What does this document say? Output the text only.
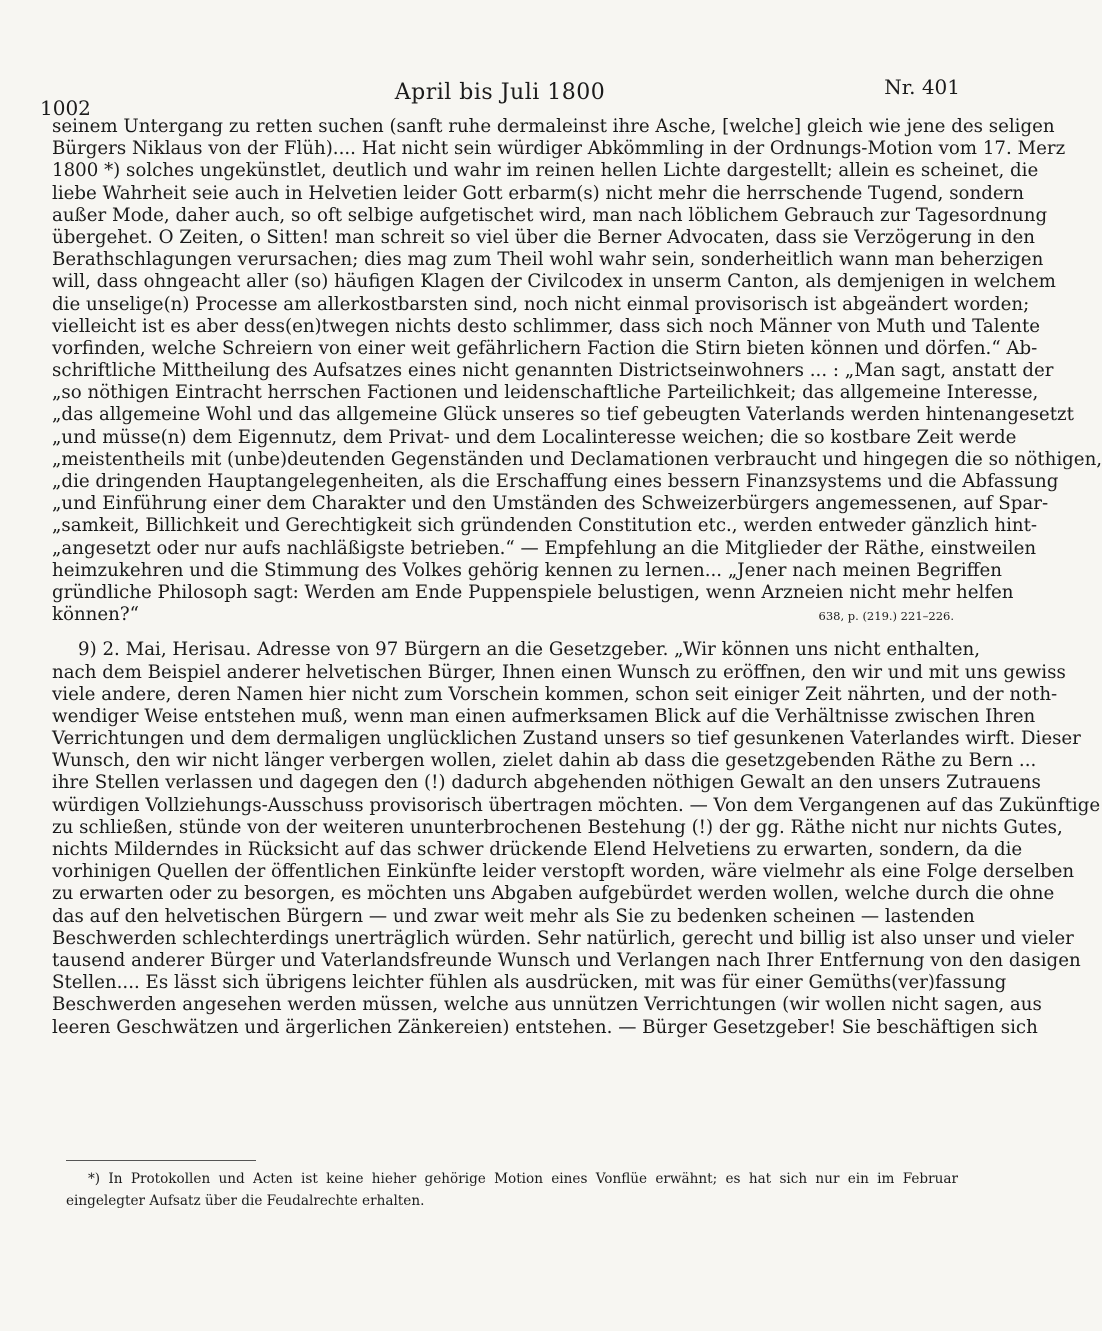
1002
April bis Juli 1800	Nr. 401
seinem Untergang zu retten suchen (sanft ruhe dermaleinst ihre Asche, [welche] gleich wie jene des seligen
Bürgers Niklaus von der Flüh).... Hat nicht sein würdiger Abkömmling in der Ordnungs-Motion vom 17. Merz
1800 *) solches ungekünstlet, deutlich und wahr im reinen hellen Lichte dargestellt; allein es scheinet, die
liebe Wahrheit seie auch in Helvetien leider Gott erbarm(s) nicht mehr die herrschende Tugend, sondern
außer Mode, daher auch, so oft selbige aufgetischet wird, man nach löblichem Gebrauch zur Tagesordnung
übergehet. O Zeiten, o Sitten! man schreit so viel über die Berner Advocaten, dass sie Verzögerung in den
Berathschlagungen verursachen; dies mag zum Theil wohl wahr sein, sonderheitlich wann man beherzigen
will, dass ohngeacht aller (so) häufigen Klagen der Civilcodex in unserm Canton, als demjenigen in welchem
die unselige(n) Processe am allerkostbarsten sind, noch nicht einmal provisorisch ist abgeändert worden;
vielleicht ist es aber dess(en)twegen nichts desto schlimmer, dass sich noch Männer von Muth und Talente
vorfinden, welche Schreiern von einer weit gefährlichern Faction die Stirn bieten können und dörfen.“ Ab-
schriftliche Mittheilung des Aufsatzes eines nicht genannten Districtseinwohners ... : „Man sagt, anstatt der
„so nöthigen Eintracht herrschen Factionen und leidenschaftliche Parteilichkeit; das allgemeine Interesse,
„das allgemeine Wohl und das allgemeine Glück unseres so tief gebeugten Vaterlands werden hintenangesetzt
„und müsse(n) dem Eigennutz, dem Privat- und dem Localinteresse weichen; die so kostbare Zeit werde
„meistentheils mit (unbe)deutenden Gegenständen und Declamationen verbraucht und hingegen die so nöthigen,
„die dringenden Hauptangelegenheiten, als die Erschaffung eines bessern Finanzsystems und die Abfassung
„und Einführung einer dem Charakter und den Umständen des Schweizerbürgers angemessenen, auf Spar-
„samkeit, Billichkeit und Gerechtigkeit sich gründenden Constitution etc., werden entweder gänzlich hint-
„angesetzt oder nur aufs nachläßigste betrieben.“ — Empfehlung an die Mitglieder der Räthe, einstweilen
heimzukehren und die Stimmung des Volkes gehörig kennen zu lernen... „Jener nach meinen Begriffen
gründliche Philosoph sagt: Werden am Ende Puppenspiele belustigen, wenn Arzneien nicht mehr helfen
können?“	638, p. (219.) 221–226.
9) 2. Mai, Herisau. Adresse von 97 Bürgern an die Gesetzgeber. „Wir können uns nicht enthalten,
nach dem Beispiel anderer helvetischen Bürger, Ihnen einen Wunsch zu eröffnen, den wir und mit uns gewiss
viele andere, deren Namen hier nicht zum Vorschein kommen, schon seit einiger Zeit nährten, und der noth-
wendiger Weise entstehen muß, wenn man einen aufmerksamen Blick auf die Verhältnisse zwischen Ihren
Verrichtungen und dem dermaligen unglücklichen Zustand unsers so tief gesunkenen Vaterlandes wirft. Dieser
Wunsch, den wir nicht länger verbergen wollen, zielet dahin ab dass die gesetzgebenden Räthe zu Bern ...
ihre Stellen verlassen und dagegen den (!) dadurch abgehenden nöthigen Gewalt an den unsers Zutrauens
würdigen Vollziehungs-Ausschuss provisorisch übertragen möchten. — Von dem Vergangenen auf das Zukünftige
zu schließen, stünde von der weiteren ununterbrochenen Bestehung (!) der gg. Räthe nicht nur nichts Gutes,
nichts Milderndes in Rücksicht auf das schwer drückende Elend Helvetiens zu erwarten, sondern, da die
vorhinigen Quellen der öffentlichen Einkünfte leider verstopft worden, wäre vielmehr als eine Folge derselben
zu erwarten oder zu besorgen, es möchten uns Abgaben aufgebürdet werden wollen, welche durch die ohne
das auf den helvetischen Bürgern — und zwar weit mehr als Sie zu bedenken scheinen — lastenden
Beschwerden schlechterdings unerträglich würden. Sehr natürlich, gerecht und billig ist also unser und vieler
tausend anderer Bürger und Vaterlandsfreunde Wunsch und Verlangen nach Ihrer Entfernung von den dasigen
Stellen.... Es lässt sich übrigens leichter fühlen als ausdrücken, mit was für einer Gemüths(ver)fassung
Beschwerden angesehen werden müssen, welche aus unnützen Verrichtungen (wir wollen nicht sagen, aus
leeren Geschwätzen und ärgerlichen Zänkereien) entstehen. — Bürger Gesetzgeber! Sie beschäftigen sich
*) In Protokollen und Acten ist keine hieher gehörige Motion eines Vonflüe erwähnt; es hat sich nur ein im Februar
eingelegter Aufsatz über die Feudalrechte erhalten.
